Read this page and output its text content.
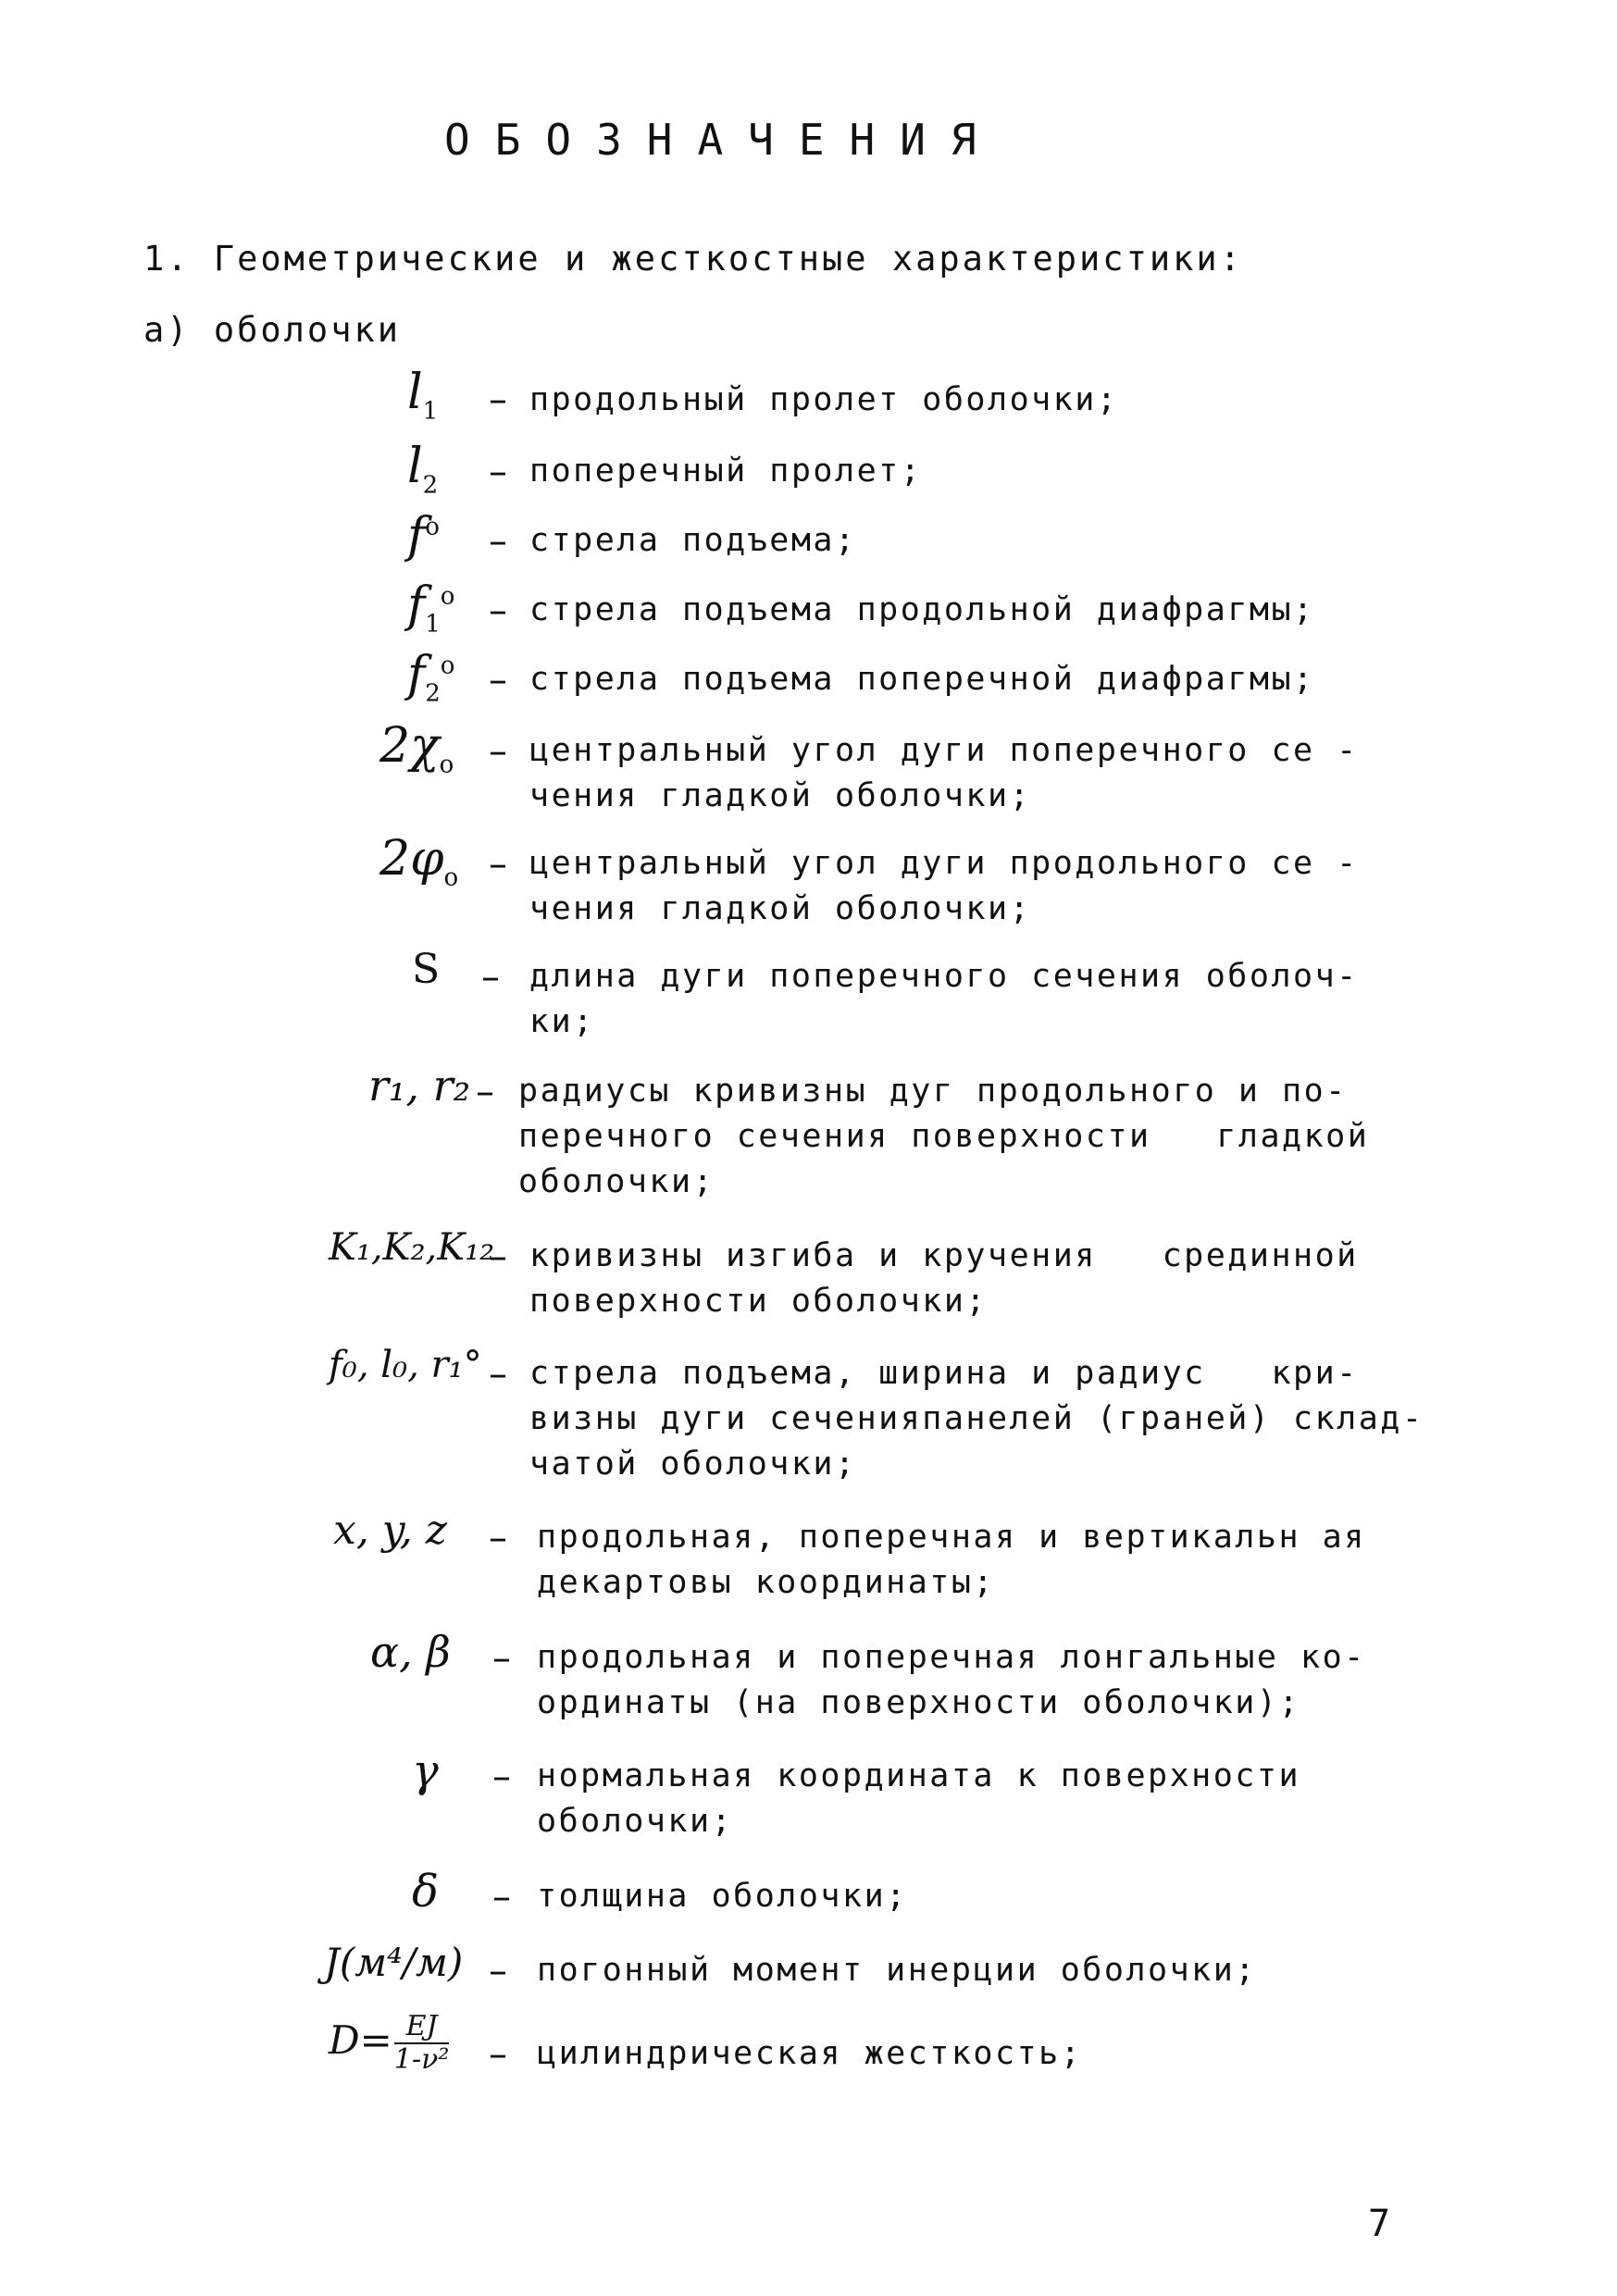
ОБОЗНАЧЕНИЯ
1. Геометрические и жесткостные характеристики:
а) оболочки
$l_1$ – продольный пролет оболочки;
$l_2$ – поперечный пролет;
$f^о$ – стрела подъема;
$f_1^о$ – стрела подъема продольной диафрагмы;
$f_2^о$ – стрела подъема поперечной диафрагмы;
$2\chi_о$ – центральный угол дуги поперечного се -
чения гладкой оболочки;
$2\varphi_о$ – центральный угол дуги продольного се -
чения гладкой оболочки;
S – длина дуги поперечного сечения оболоч-
ки;
r₁, r₂ – радиусы кривизны дуг продольного и по-
перечного сечения поверхности   гладкой
оболочки;
K₁,K₂,K₁₂
– кривизны изгиба и кручения   срединной
поверхности оболочки;
f₀, l₀, r₁° – стрела подъема, ширина и радиус   кри-
визны дуги сеченияпанелей (граней) склад-
чатой оболочки;
x, y, z – продольная, поперечная и вертикальн ая
декартовы координаты;
α, β – продольная и поперечная лонгальные ко-
ординаты (на поверхности оболочки);
γ – нормальная координата к поверхности
оболочки;
δ – толщина оболочки;
J(м⁴/м) – погонный момент инерции оболочки;
$D= \frac{EJ}{\text{1-ν²}}$ – цилиндрическая жесткость;
7
